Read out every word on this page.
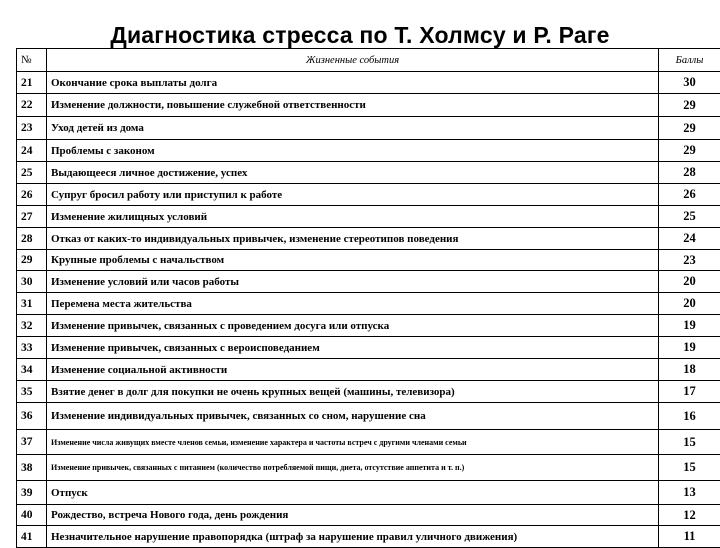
Диагностика стресса по Т. Холмсу и Р. Раге
№	Жизненные события	Баллы
21	Окончание срока выплаты долга	30
22	Изменение должности, повышение служебной ответственности	29
23	Уход детей из дома	29
24	Проблемы с законом	29
25	Выдающееся личное достижение, успех	28
26	Супруг бросил работу или приступил к работе	26
27	Изменение жилищных условий	25
28	Отказ от каких-то индивидуальных привычек, изменение стереотипов поведения	24
29	Крупные проблемы с начальством	23
30	Изменение условий или часов работы	20
31	Перемена места жительства	20
32	Изменение привычек, связанных с проведением досуга или отпуска	19
33	Изменение привычек, связанных с вероисповеданием	19
34	Изменение социальной активности	18
35	Взятие денег в долг для покупки не очень крупных вещей (машины, телевизора)	17
36	Изменение индивидуальных привычек, связанных со сном, нарушение сна	16
37	Изменение числа живущих вместе членов семьи, изменение характера и частоты встреч с другими членами семьи	15
38	Изменение привычек, связанных с питанием (количество потребляемой пищи, диета, отсутствие аппетита и т. п.)	15
39	Отпуск	13
40	Рождество, встреча Нового года, день рождения	12
41	Незначительное нарушение правопорядка (штраф за нарушение правил уличного движения)	11
